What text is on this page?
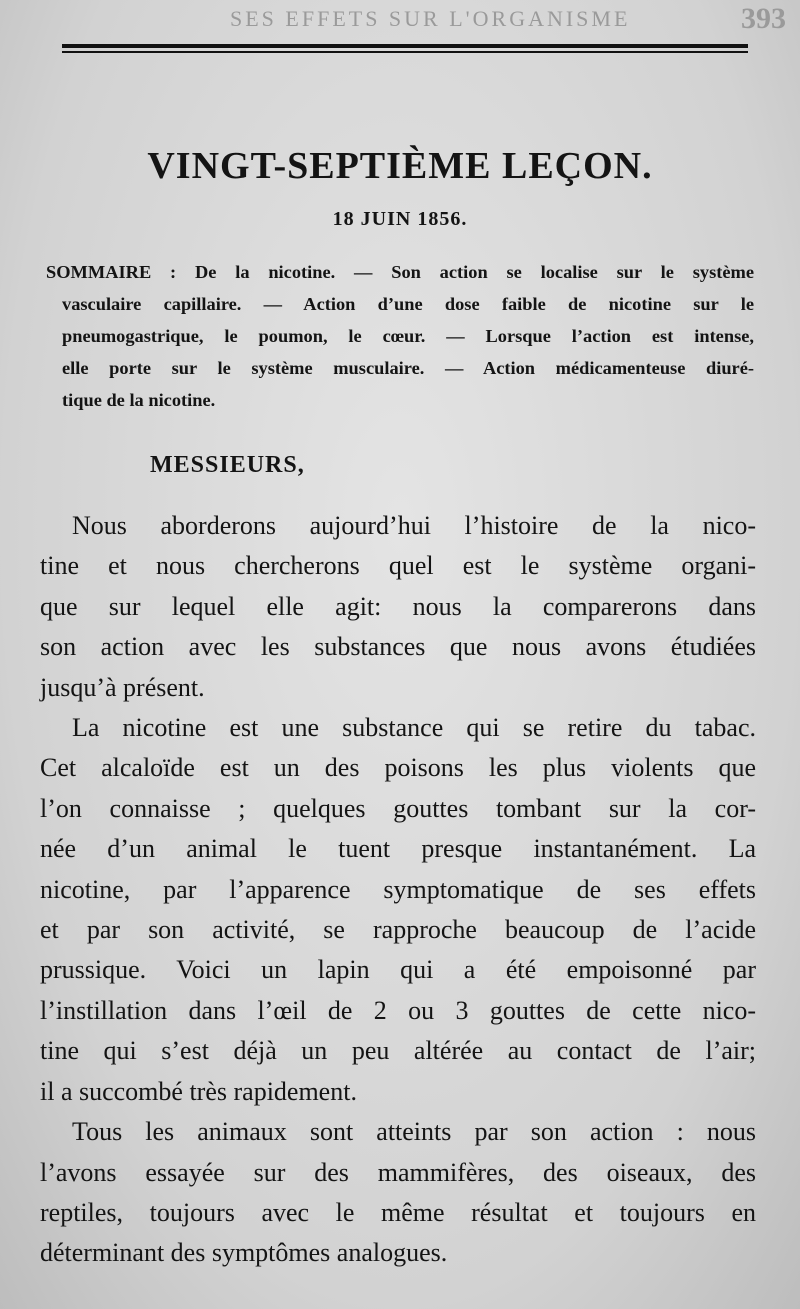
SES EFFETS SUR L'ORGANISME	393
VINGT-SEPTIÈME LEÇON.
18 JUIN 1856.
SOMMAIRE : De la nicotine. — Son action se localise sur le système
vasculaire capillaire. — Action d’une dose faible de nicotine sur le
pneumogastrique, le poumon, le cœur. — Lorsque l’action est intense,
elle porte sur le système musculaire. — Action médicamenteuse diuré-
tique de la nicotine.
MESSIEURS,
Nous aborderons aujourd’hui l’histoire de la nico-
tine et nous chercherons quel est le système organi-
que sur lequel elle agit: nous la comparerons dans
son action avec les substances que nous avons étudiées
jusqu’à présent.
La nicotine est une substance qui se retire du tabac.
Cet alcaloïde est un des poisons les plus violents que
l’on connaisse ; quelques gouttes tombant sur la cor-
née d’un animal le tuent presque instantanément. La
nicotine, par l’apparence symptomatique de ses effets
et par son activité, se rapproche beaucoup de l’acide
prussique. Voici un lapin qui a été empoisonné par
l’instillation dans l’œil de 2 ou 3 gouttes de cette nico-
tine qui s’est déjà un peu altérée au contact de l’air;
il a succombé très rapidement.
Tous les animaux sont atteints par son action : nous
l’avons essayée sur des mammifères, des oiseaux, des
reptiles, toujours avec le même résultat et toujours en
déterminant des symptômes analogues.
